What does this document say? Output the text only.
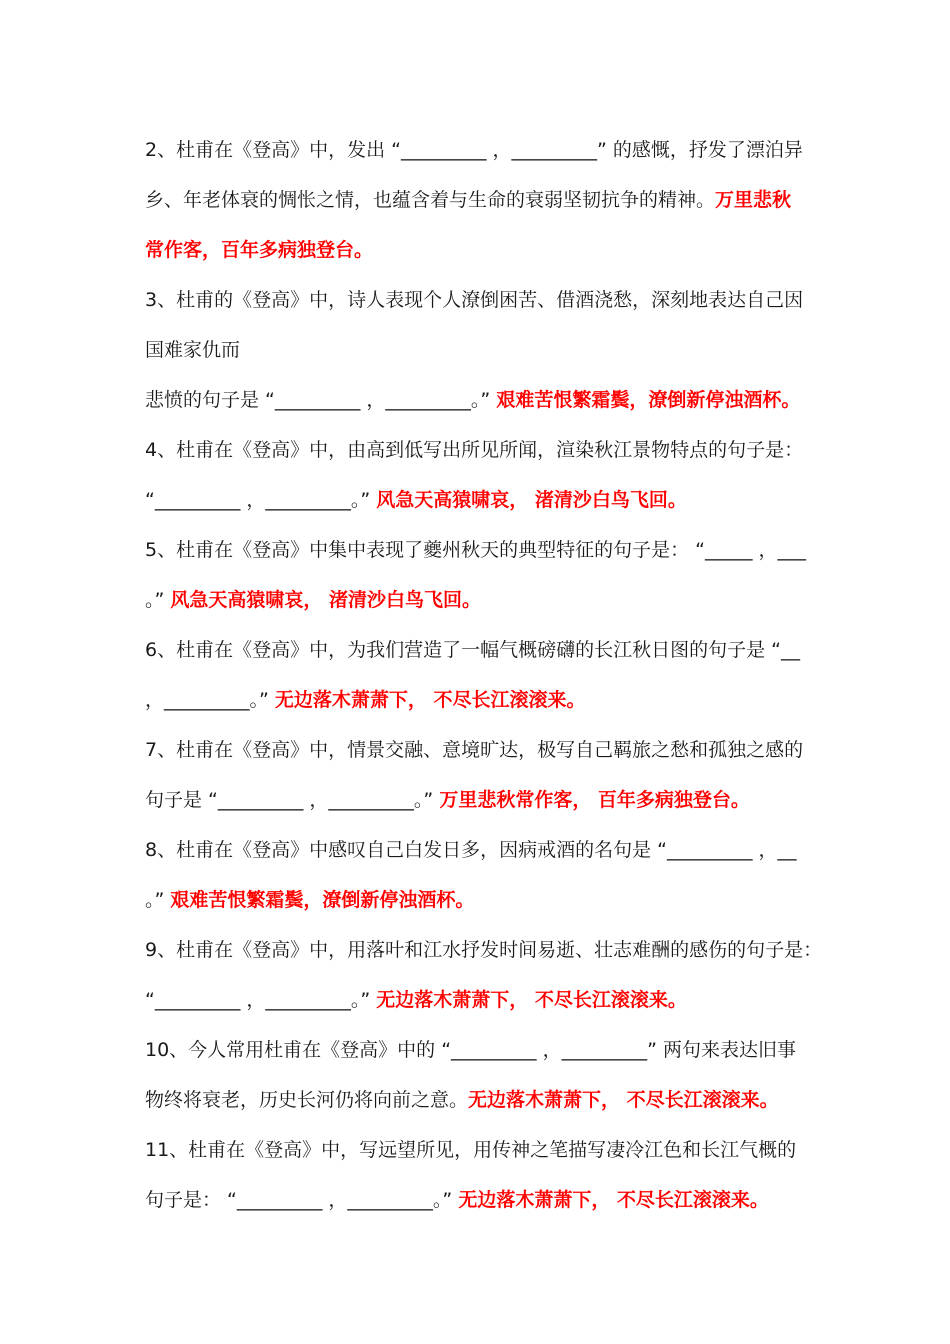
2、杜甫在《登高》中，发出 “_________ ，_________” 的感慨，抒发了漂泊异
乡、年老体衰的惆怅之情，也蕴含着与生命的衰弱坚韧抗争的精神。万里悲秋
常作客，百年多病独登台。
3、杜甫的《登高》中，诗人表现个人潦倒困苦、借酒浇愁，深刻地表达自己因
国难家仇而
悲愤的句子是 “_________ ，_________。” 艰难苦恨繁霜鬓，潦倒新停浊酒杯。
4、杜甫在《登高》中，由高到低写出所见所闻，渲染秋江景物特点的句子是：
“_________ ，_________。” 风急天高猿啸哀， 渚清沙白鸟飞回。
5、杜甫在《登高》中集中表现了夔州秋天的典型特征的句子是： “_____ ，___
。” 风急天高猿啸哀， 渚清沙白鸟飞回。
6、杜甫在《登高》中，为我们营造了一幅气概磅礴的长江秋日图的句子是 “__
，_________。” 无边落木萧萧下， 不尽长江滚滚来。
7、杜甫在《登高》中，情景交融、意境旷达，极写自己羁旅之愁和孤独之感的
句子是 “_________ ，_________。” 万里悲秋常作客， 百年多病独登台。
8、杜甫在《登高》中感叹自己白发日多，因病戒酒的名句是 “_________ ，__
。” 艰难苦恨繁霜鬓，潦倒新停浊酒杯。
9、杜甫在《登高》中，用落叶和江水抒发时间易逝、壮志难酬的感伤的句子是：
“_________ ，_________。” 无边落木萧萧下， 不尽长江滚滚来。
10、今人常用杜甫在《登高》中的 “_________ ，_________” 两句来表达旧事
物终将衰老，历史长河仍将向前之意。无边落木萧萧下， 不尽长江滚滚来。
11、杜甫在《登高》中，写远望所见，用传神之笔描写凄冷江色和长江气概的
句子是： “_________ ，_________。” 无边落木萧萧下， 不尽长江滚滚来。
